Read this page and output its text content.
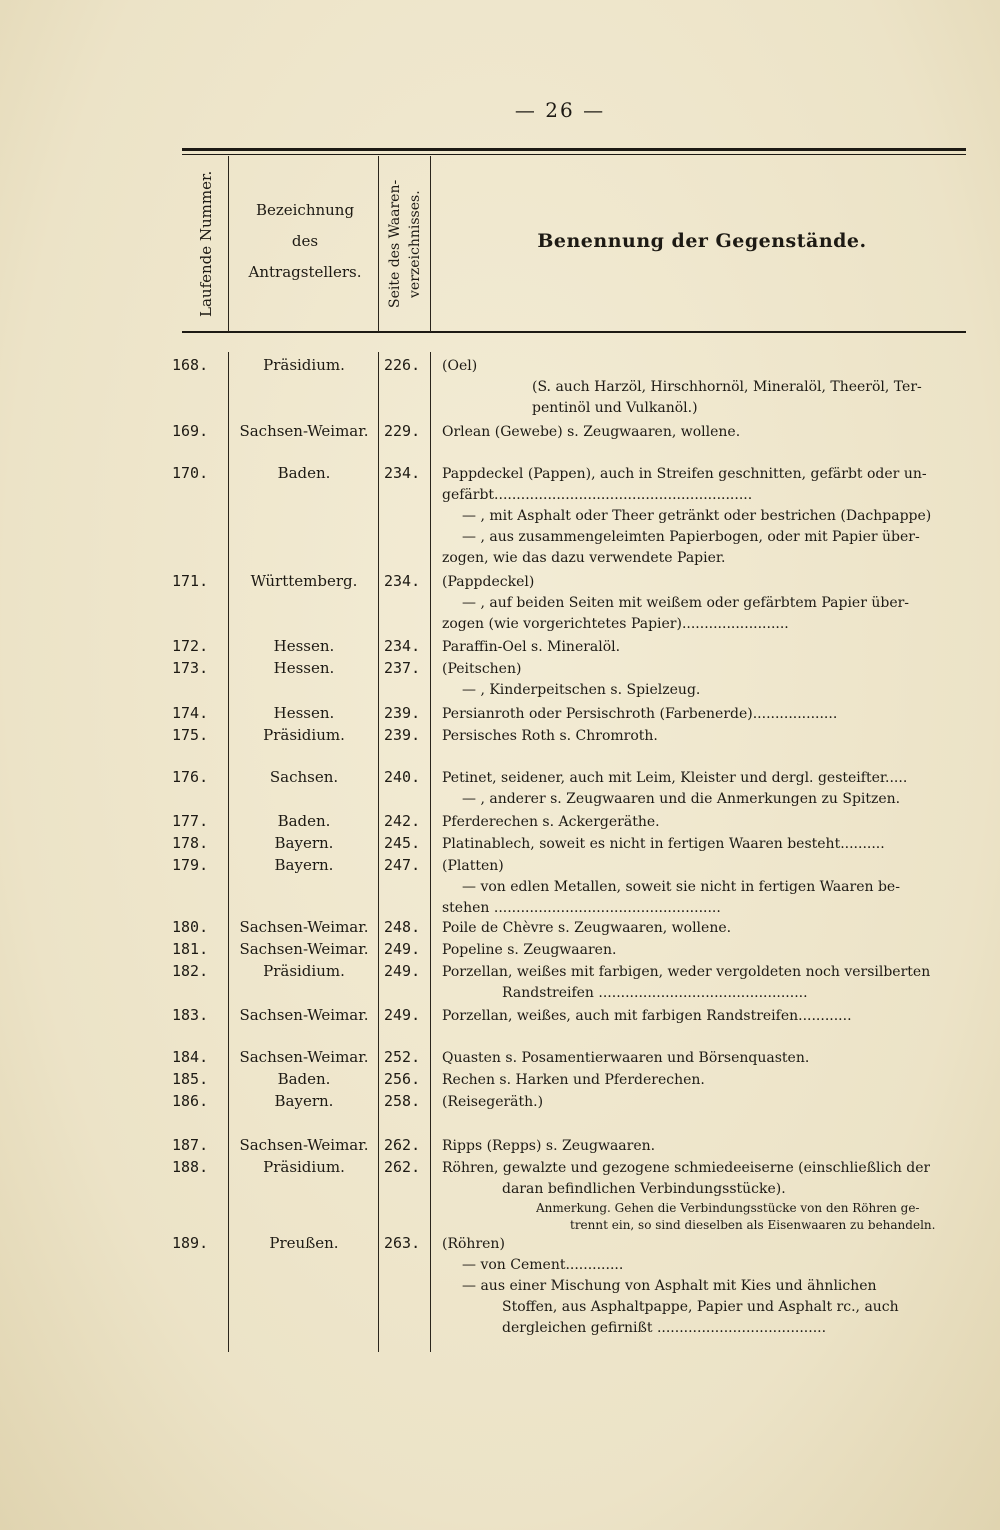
— 26 —
Laufende Nummer.	Bezeichnung
des
Antragstellers.	Seite des Waaren-verzeichnisses.	Benennung der Gegenstände.
168.	Präsidium.	226.	(Oel)
(S. auch Harzöl, Hirschhornöl, Mineralöl, Theeröl, Ter-
pentinöl und Vulkanöl.)
169.	Sachsen-Weimar.	229.	Orlean (Gewebe) s. Zeugwaaren, wollene.
170.	Baden.	234.	Pappdeckel (Pappen), auch in Streifen geschnitten, gefärbt oder un-
gefärbt..........................................................
— , mit Asphalt oder Theer getränkt oder bestrichen (Dachpappe)
— , aus zusammengeleimten Papierbogen, oder mit Papier über-
zogen, wie das dazu verwendete Papier.
171.	Württemberg.	234.	(Pappdeckel)
— , auf beiden Seiten mit weißem oder gefärbtem Papier über-
zogen (wie vorgerichtetes Papier)........................
172.	Hessen.	234.	Paraffin-Oel s. Mineralöl.
173.	Hessen.	237.	(Peitschen)
— , Kinderpeitschen s. Spielzeug.
174.	Hessen.	239.	Persianroth oder Persischroth (Farbenerde)...................
175.	Präsidium.	239.	Persisches Roth s. Chromroth.
176.	Sachsen.	240.	Petinet, seidener, auch mit Leim, Kleister und dergl. gesteifter.....
— , anderer s. Zeugwaaren und die Anmerkungen zu Spitzen.
177.	Baden.	242.	Pferderechen s. Ackergeräthe.
178.	Bayern.	245.	Platinablech, soweit es nicht in fertigen Waaren besteht..........
179.	Bayern.	247.	(Platten)
— von edlen Metallen, soweit sie nicht in fertigen Waaren be-
stehen ...................................................
180.	Sachsen-Weimar.	248.	Poile de Chèvre s. Zeugwaaren, wollene.
181.	Sachsen-Weimar.	249.	Popeline s. Zeugwaaren.
182.	Präsidium.	249.	Porzellan, weißes mit farbigen, weder vergoldeten noch versilberten
Randstreifen ...............................................
183.	Sachsen-Weimar.	249.	Porzellan, weißes, auch mit farbigen Randstreifen............
184.	Sachsen-Weimar.	252.	Quasten s. Posamentierwaaren und Börsenquasten.
185.	Baden.	256.	Rechen s. Harken und Pferderechen.
186.	Bayern.	258.	(Reisegeräth.)
187.	Sachsen-Weimar.	262.	Ripps (Repps) s. Zeugwaaren.
188.	Präsidium.	262.	Röhren, gewalzte und gezogene schmiedeeiserne (einschließlich der
daran befindlichen Verbindungsstücke).
Anmerkung. Gehen die Verbindungsstücke von den Röhren ge-
trennt ein, so sind dieselben als Eisenwaaren zu behandeln.
189.	Preußen.	263.	(Röhren)
— von Cement.............
— aus einer Mischung von Asphalt mit Kies und ähnlichen
Stoffen, aus Asphaltpappe, Papier und Asphalt rc., auch
dergleichen gefirnißt ......................................
